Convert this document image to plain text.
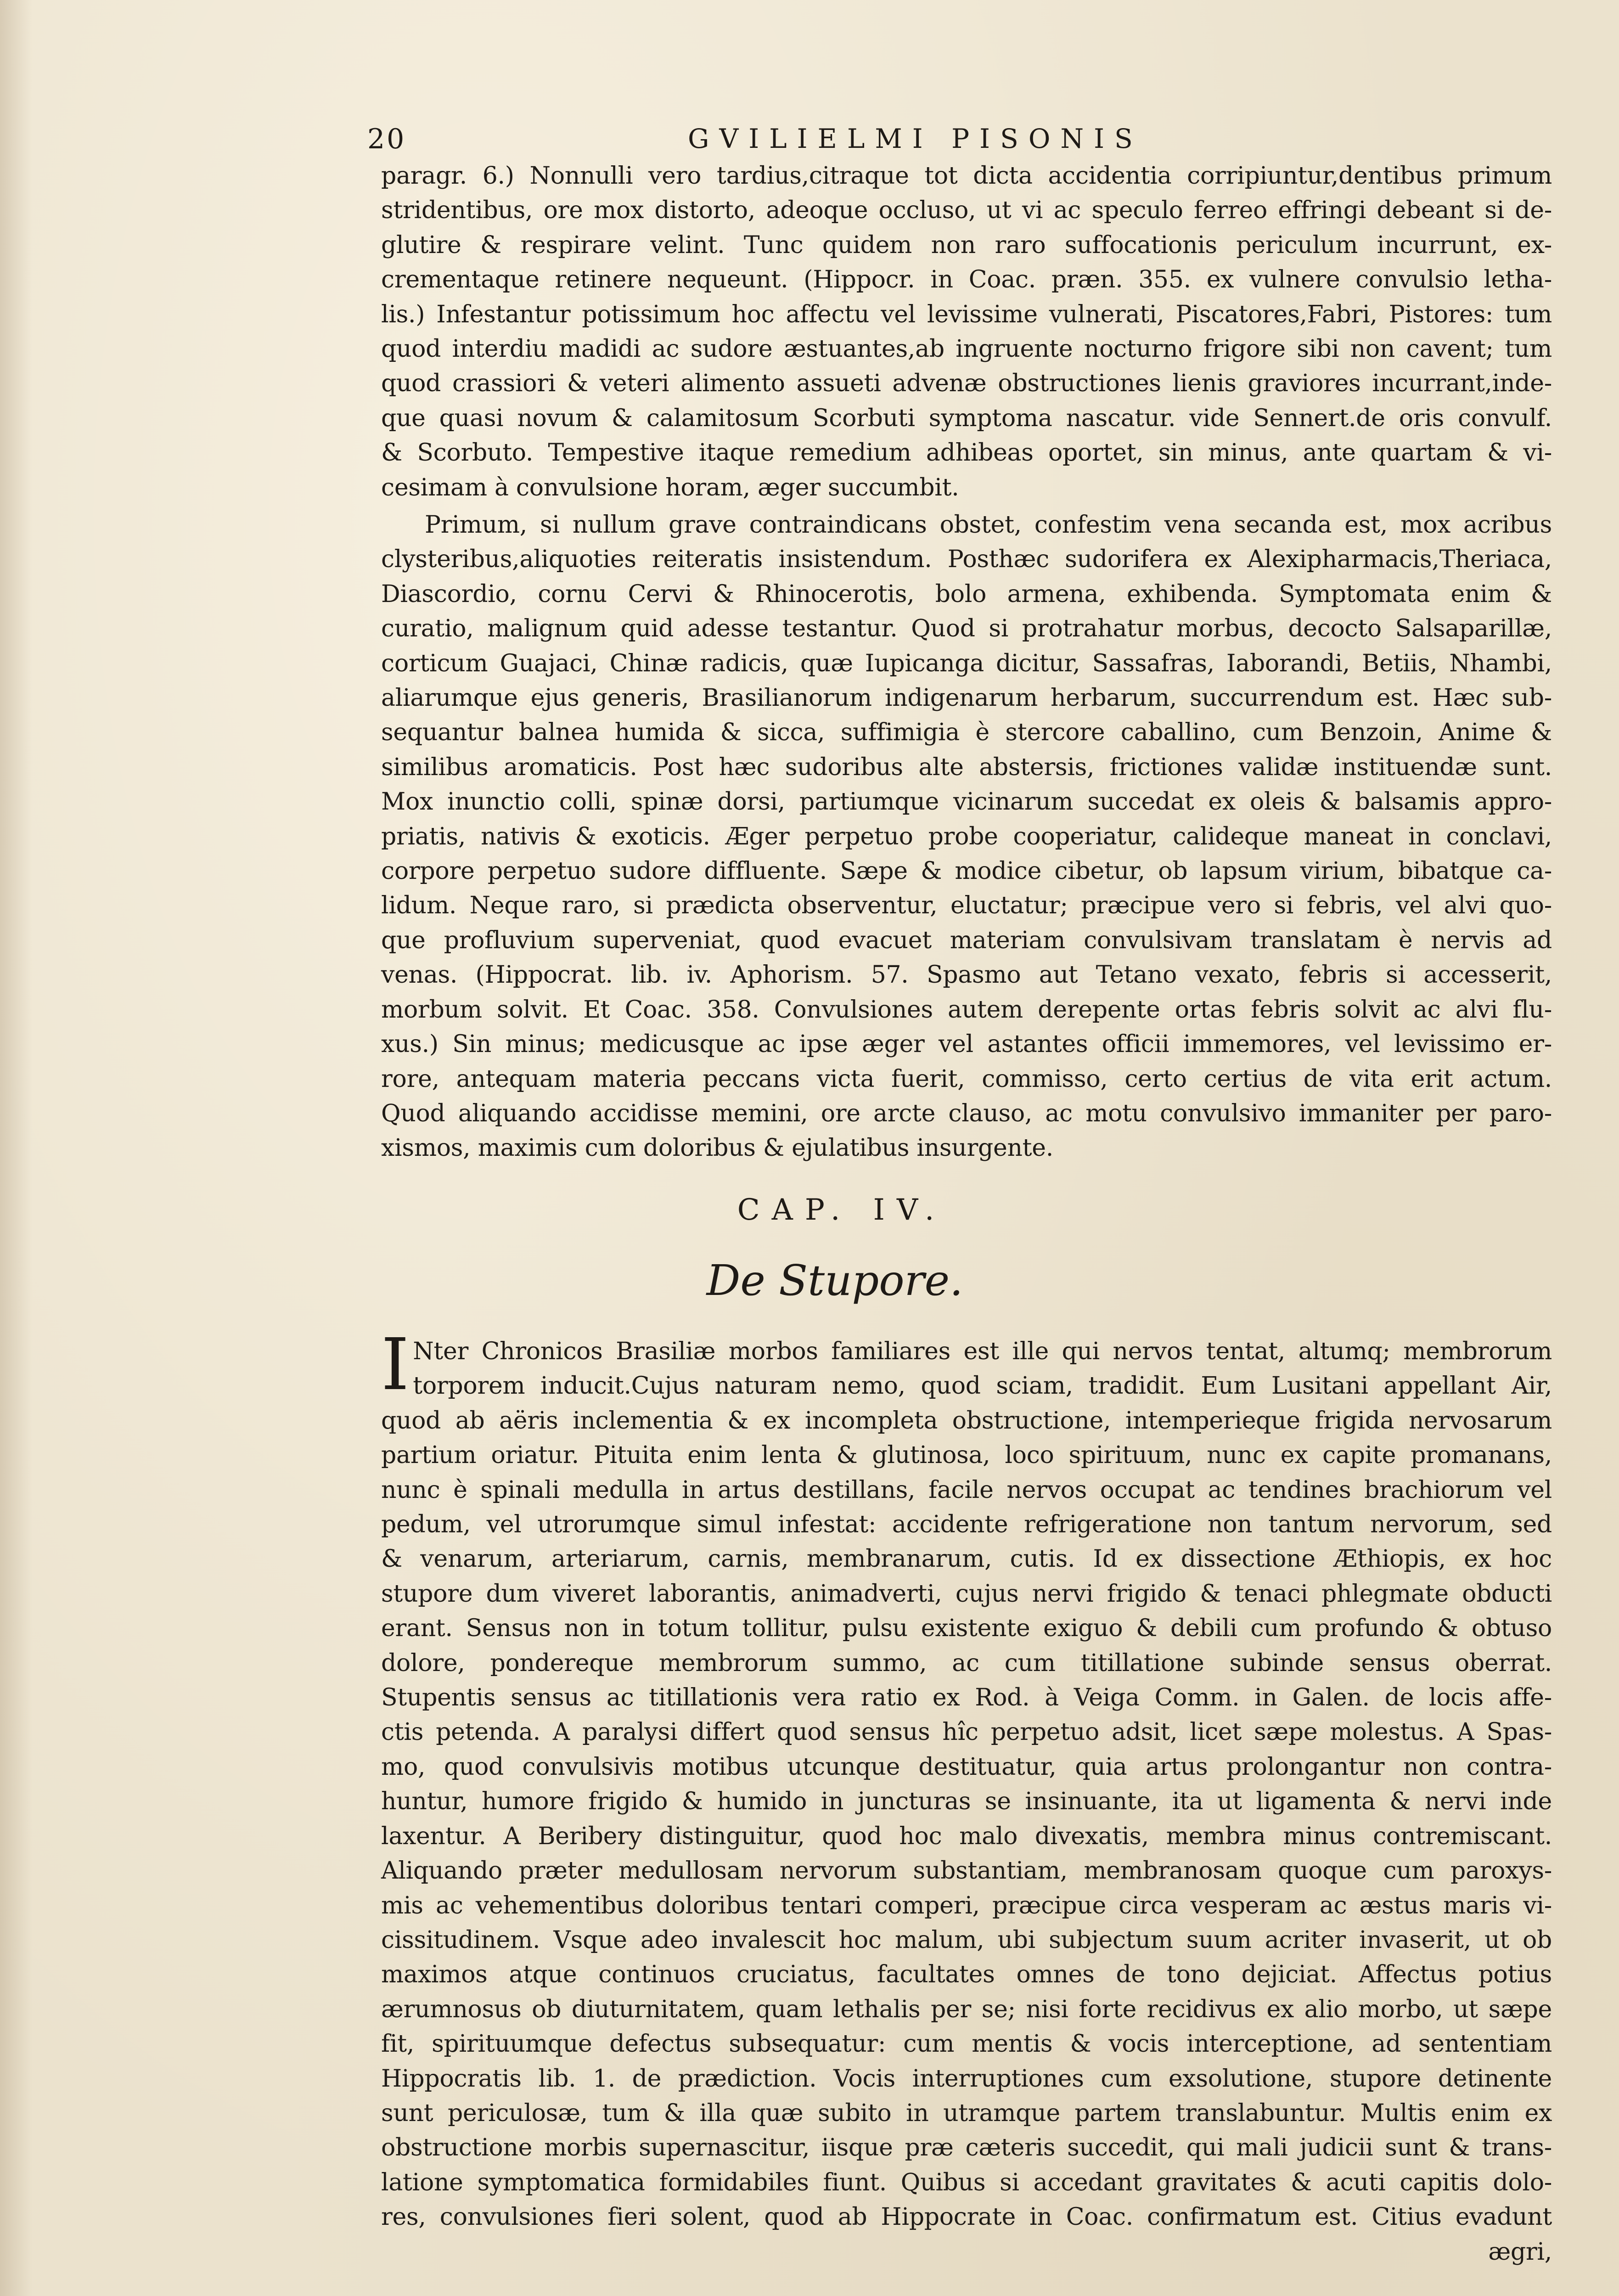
20	GVILIELMI PISONIS

paragr. 6.) Nonnulli vero tardius,citraque tot dicta accidentia corripiuntur,dentibus primum

stridentibus, ore mox distorto, adeoque occluso, ut vi ac speculo ferreo effringi debeant si de-

glutire & respirare velint. Tunc quidem non raro suffocationis periculum incurrunt, ex-

crementaque retinere nequeunt. (Hippocr. in Coac. præn. 355. ex vulnere convulsio letha-

lis.) Infestantur potissimum hoc affectu vel levissime vulnerati, Piscatores,Fabri, Pistores: tum

quod interdiu madidi ac sudore æstuantes,ab ingruente nocturno frigore sibi non cavent; tum

quod crassiori & veteri alimento assueti advenæ obstructiones lienis graviores incurrant,inde-

que quasi novum & calamitosum Scorbuti symptoma nascatur. vide Sennert.de oris convulf.

& Scorbuto. Tempestive itaque remedium adhibeas oportet, sin minus, ante quartam & vi-

cesimam à convulsione horam, æger succumbit.

Primum, si nullum grave contraindicans obstet, confestim vena secanda est, mox acribus

clysteribus,aliquoties reiteratis insistendum. Posthæc sudorifera ex Alexipharmacis,Theriaca,

Diascordio, cornu Cervi & Rhinocerotis, bolo armena, exhibenda. Symptomata enim &

curatio, malignum quid adesse testantur. Quod si protrahatur morbus, decocto Salsaparillæ,

corticum Guajaci, Chinæ radicis, quæ Iupicanga dicitur, Sassafras, Iaborandi, Betiis, Nhambi,

aliarumque ejus generis, Brasilianorum indigenarum herbarum, succurrendum est. Hæc sub-

sequantur balnea humida & sicca, suffimigia è stercore caballino, cum Benzoin, Anime &

similibus aromaticis. Post hæc sudoribus alte abstersis, frictiones validæ instituendæ sunt.

Mox inunctio colli, spinæ dorsi, partiumque vicinarum succedat ex oleis & balsamis appro-

priatis, nativis & exoticis. Æger perpetuo probe cooperiatur, calideque maneat in conclavi,

corpore perpetuo sudore diffluente. Sæpe & modice cibetur, ob lapsum virium, bibatque ca-

lidum. Neque raro, si prædicta observentur, eluctatur; præcipue vero si febris, vel alvi quo-

que profluvium superveniat, quod evacuet materiam convulsivam translatam è nervis ad

venas. (Hippocrat. lib. iv. Aphorism. 57. Spasmo aut Tetano vexato, febris si accesserit,

morbum solvit. Et Coac. 358. Convulsiones autem derepente ortas febris solvit ac alvi flu-

xus.) Sin minus; medicusque ac ipse æger vel astantes officii immemores, vel levissimo er-

rore, antequam materia peccans victa fuerit, commisso, certo certius de vita erit actum.

Quod aliquando accidisse memini, ore arcte clauso, ac motu convulsivo immaniter per paro-

xismos, maximis cum doloribus & ejulatibus insurgente.

CAP. IV.
De Stupore.
I Nter Chronicos Brasiliæ morbos familiares est ille qui nervos tentat, altumq; membrorum

torporem inducit.Cujus naturam nemo, quod sciam, tradidit. Eum Lusitani appellant Air,

quod ab aëris inclementia & ex incompleta obstructione, intemperieque frigida nervosarum

partium oriatur. Pituita enim lenta & glutinosa, loco spirituum, nunc ex capite promanans,

nunc è spinali medulla in artus destillans, facile nervos occupat ac tendines brachiorum vel

pedum, vel utrorumque simul infestat: accidente refrigeratione non tantum nervorum, sed

& venarum, arteriarum, carnis, membranarum, cutis. Id ex dissectione Æthiopis, ex hoc

stupore dum viveret laborantis, animadverti, cujus nervi frigido & tenaci phlegmate obducti

erant. Sensus non in totum tollitur, pulsu existente exiguo & debili cum profundo & obtuso

dolore, pondereque membrorum summo, ac cum titillatione subinde sensus oberrat.

Stupentis sensus ac titillationis vera ratio ex Rod. à Veiga Comm. in Galen. de locis affe-

ctis petenda. A paralysi differt quod sensus hîc perpetuo adsit, licet sæpe molestus. A Spas-

mo, quod convulsivis motibus utcunque destituatur, quia artus prolongantur non contra-

huntur, humore frigido & humido in juncturas se insinuante, ita ut ligamenta & nervi inde

laxentur. A Beribery distinguitur, quod hoc malo divexatis, membra minus contremiscant.

Aliquando præter medullosam nervorum substantiam, membranosam quoque cum paroxys-

mis ac vehementibus doloribus tentari comperi, præcipue circa vesperam ac æstus maris vi-

cissitudinem. Vsque adeo invalescit hoc malum, ubi subjectum suum acriter invaserit, ut ob

maximos atque continuos cruciatus, facultates omnes de tono dejiciat. Affectus potius

ærumnosus ob diuturnitatem, quam lethalis per se; nisi forte recidivus ex alio morbo, ut sæpe

fit, spirituumque defectus subsequatur: cum mentis & vocis interceptione, ad sententiam

Hippocratis lib. 1. de prædiction. Vocis interruptiones cum exsolutione, stupore detinente

sunt periculosæ, tum & illa quæ subito in utramque partem translabuntur. Multis enim ex

obstructione morbis supernascitur, iisque præ cæteris succedit, qui mali judicii sunt & trans-

latione symptomatica formidabiles fiunt. Quibus si accedant gravitates & acuti capitis dolo-

res, convulsiones fieri solent, quod ab Hippocrate in Coac. confirmatum est. Citius evadunt

ægri,
